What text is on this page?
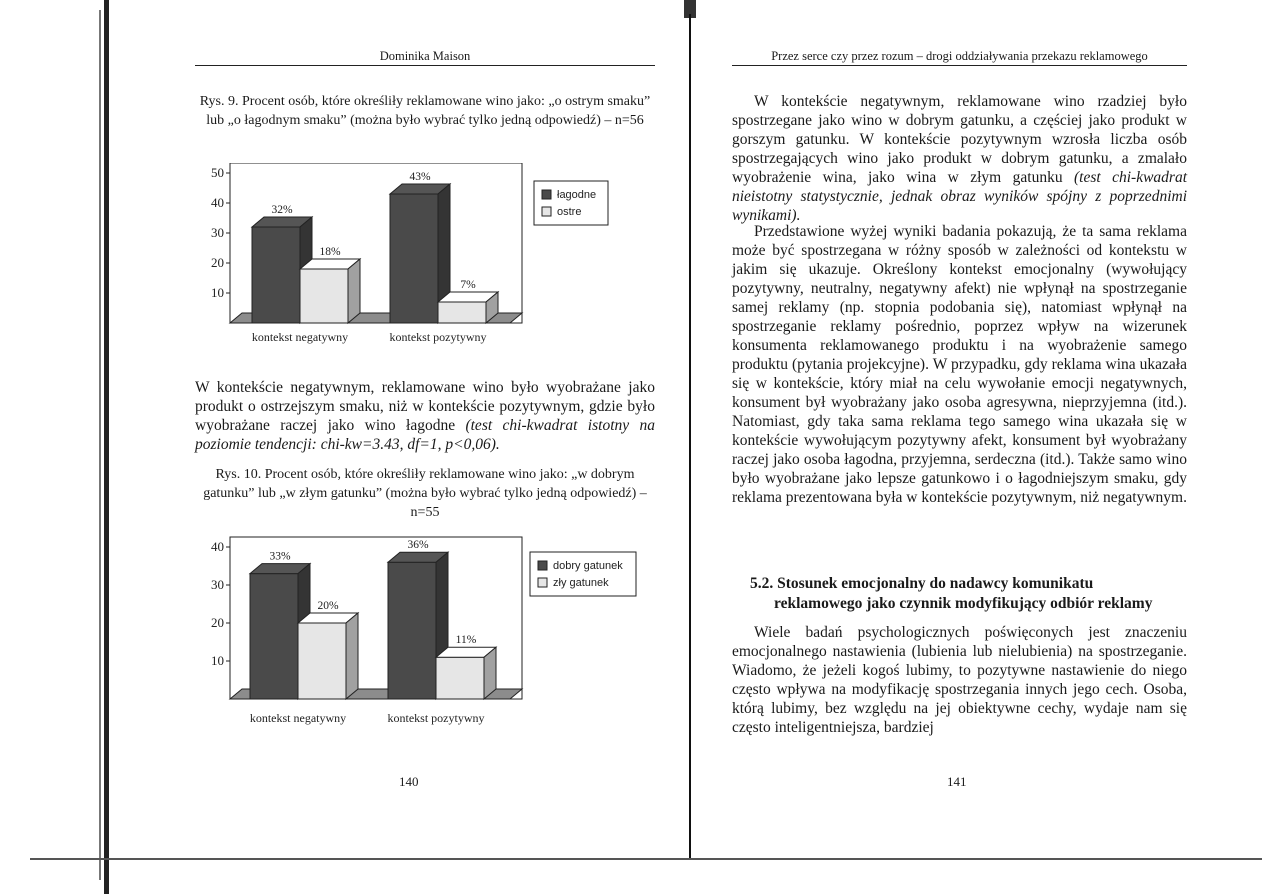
Dominika Maison
Rys. 9. Procent osób, które określiły reklamowane wino jako: „o ostrym smaku” lub „o łagodnym smaku” (można było wybrać tylko jedną odpowiedź) – n=56
10
20
30
40
50
32%
18%
kontekst negatywny
43%
7%
kontekst pozytywny
łagodne
ostre

W kontekście negatywnym, reklamowane wino było wyobrażane jako produkt o ostrzejszym smaku, niż w kontekście pozytywnym, gdzie było wyobrażane raczej jako wino łagodne (test chi-kwadrat istotny na poziomie tendencji: chi-kw=3.43, df=1, p<0,06).

Rys. 10. Procent osób, które określiły reklamowane wino jako: „w dobrym gatunku” lub „w złym gatunku” (można było wybrać tylko jedną odpowiedź) – n=55
10
20
30
40
33%
20%
kontekst negatywny
36%
11%
kontekst pozytywny
dobry gatunek
zły gatunek
140
Przez serce czy przez rozum – drogi oddziaływania przekazu reklamowego

W kontekście negatywnym, reklamowane wino rzadziej było spostrzegane jako wino w dobrym gatunku, a częściej jako produkt w gorszym gatunku. W kontekście pozytywnym wzrosła liczba osób spostrzegających wino jako produkt w dobrym gatunku, a zmalało wyobrażenie wina, jako wina w złym gatunku (test chi-kwadrat nieistotny statystycznie, jednak obraz wyników spójny z poprzednimi wynikami).

Przedstawione wyżej wyniki badania pokazują, że ta sama reklama może być spostrzegana w różny sposób w zależności od kontekstu w jakim się ukazuje. Określony kontekst emocjonalny (wywołujący pozytywny, neutralny, negatywny afekt) nie wpłynął na spostrzeganie samej reklamy (np. stopnia podobania się), natomiast wpłynął na spostrzeganie reklamy pośrednio, poprzez wpływ na wizerunek konsumenta reklamowanego produktu i na wyobrażenie samego produktu (pytania projekcyjne). W przypadku, gdy reklama wina ukazała się w kontekście, który miał na celu wywołanie emocji negatywnych, konsument był wyobrażany jako osoba agresywna, nieprzyjemna (itd.). Natomiast, gdy taka sama reklama tego samego wina ukazała się w kontekście wywołującym pozytywny afekt, konsument był wyobrażany raczej jako osoba łagodna, przyjemna, serdeczna (itd.). Także samo wino było wyobrażane jako lepsze gatunkowo i o łagodniejszym smaku, gdy reklama prezentowana była w kontekście pozytywnym, niż negatywnym.

5.2. Stosunek emocjonalny do nadawcy komunikatu
reklamowego jako czynnik modyfikujący odbiór reklamy

Wiele badań psychologicznych poświęconych jest znaczeniu emocjonalnego nastawienia (lubienia lub nielubienia) na spostrzeganie. Wiadomo, że jeżeli kogoś lubimy, to pozytywne nastawienie do niego często wpływa na modyfikację spostrzegania innych jego cech. Osoba, którą lubimy, bez względu na jej obiektywne cechy, wydaje nam się często inteligentniejsza, bardziej

141
